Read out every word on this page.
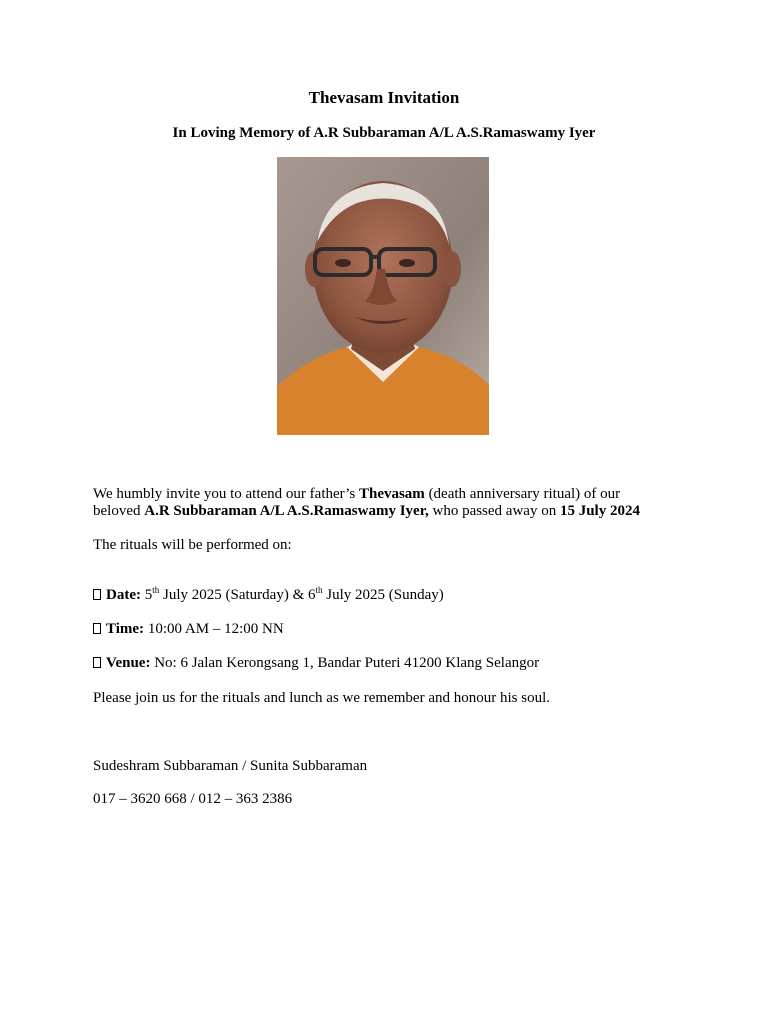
Thevasam Invitation
In Loving Memory of A.R Subbaraman A/L A.S.Ramaswamy Iyer
We humbly invite you to attend our father’s Thevasam (death anniversary ritual) of our
beloved A.R Subbaraman A/L A.S.Ramaswamy Iyer, who passed away on 15 July 2024
The rituals will be performed on:
Date: 5th July 2025 (Saturday) & 6th July 2025 (Sunday)
Time: 10:00 AM – 12:00 NN
Venue: No: 6 Jalan Kerongsang 1, Bandar Puteri 41200 Klang Selangor
Please join us for the rituals and lunch as we remember and honour his soul.
Sudeshram Subbaraman / Sunita Subbaraman
017 – 3620 668 / 012 – 363 2386
